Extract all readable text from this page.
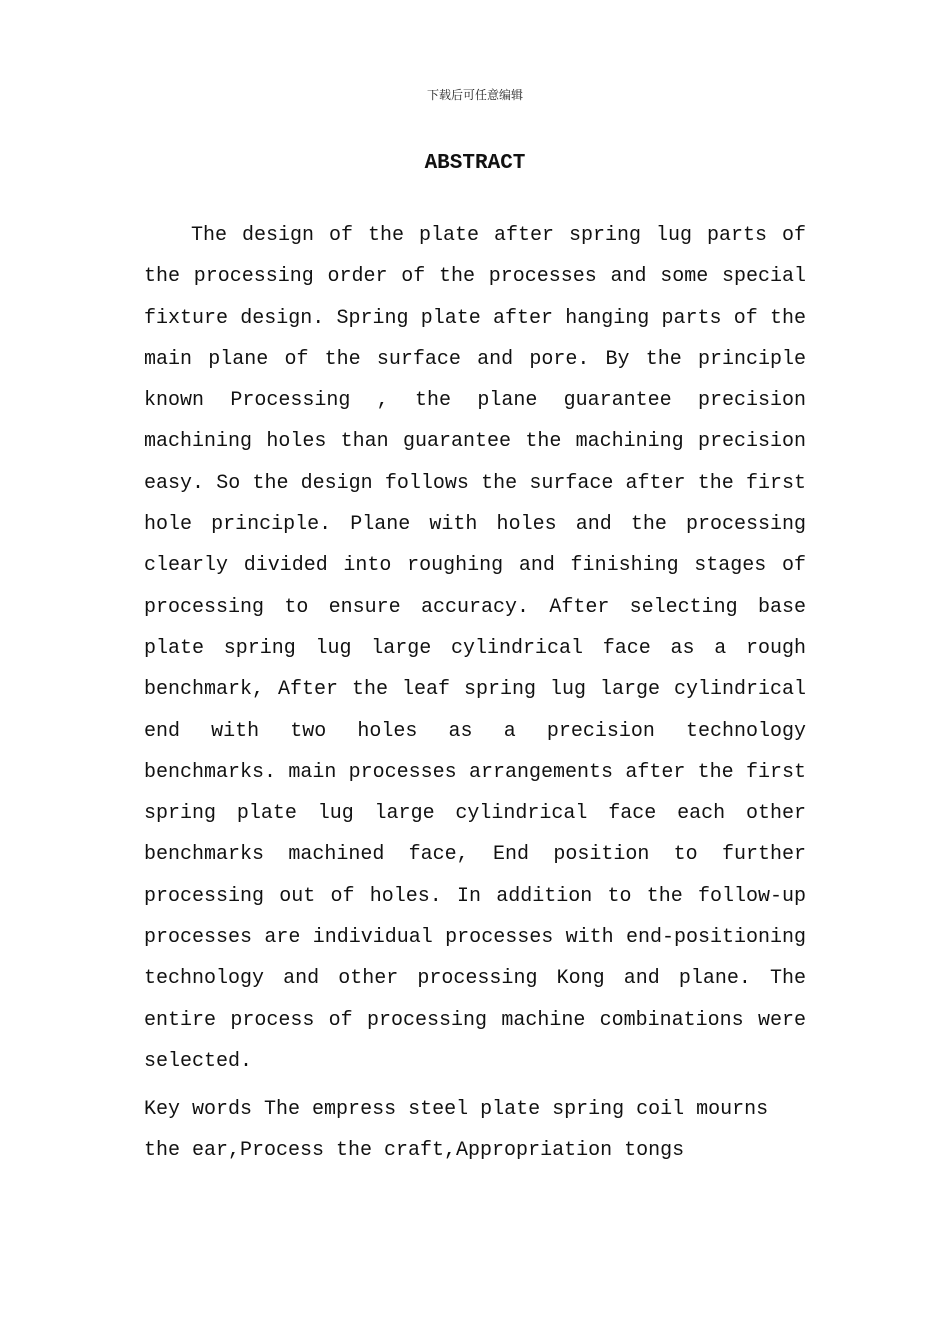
下载后可任意编辑
ABSTRACT

The design of the plate after spring lug parts of the processing order of the processes and some special fixture design. Spring plate after hanging parts of the main plane of the surface and pore. By the principle known Processing , the plane guarantee precision machining holes than guarantee the machining precision easy. So the design follows the surface after the first hole principle. Plane with holes and the processing clearly divided into roughing and finishing stages of processing to ensure accuracy. After selecting base plate spring lug large cylindrical face as a rough benchmark, After the leaf spring lug large cylindrical end with two holes as a precision technology benchmarks. main processes arrangements after the first spring plate lug large cylindrical face each other benchmarks machined face, End position to further processing out of holes. In addition to the follow-up processes are individual processes with end-positioning technology and other processing Kong and plane. The entire process of processing machine combinations were selected.

Key words The empress steel plate spring coil mourns the ear,Process the craft,Appropriation tongs
